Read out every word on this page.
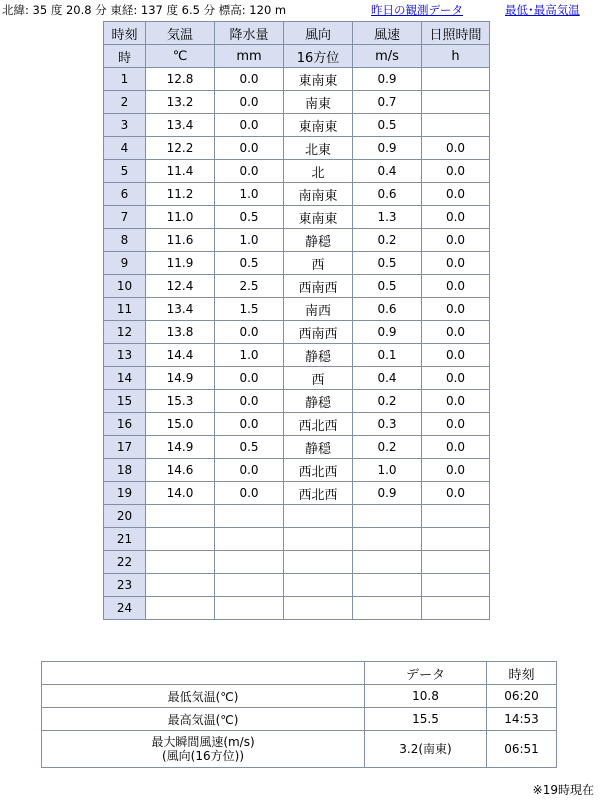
北緯: 35 度 20.8 分 東経: 137 度 6.5 分 標高: 120 m	昨日の観測データ	最低･最高気温
時刻	気温	降水量	風向	風速	日照時間
時	℃	mm	16方位	m/s	h
1	12.8	0.0	東南東	0.9	
2	13.2	0.0	南東	0.7	
3	13.4	0.0	東南東	0.5	
4	12.2	0.0	北東	0.9	0.0
5	11.4	0.0	北	0.4	0.0
6	11.2	1.0	南南東	0.6	0.0
7	11.0	0.5	東南東	1.3	0.0
8	11.6	1.0	静穏	0.2	0.0
9	11.9	0.5	西	0.5	0.0
10	12.4	2.5	西南西	0.5	0.0
11	13.4	1.5	南西	0.6	0.0
12	13.8	0.0	西南西	0.9	0.0
13	14.4	1.0	静穏	0.1	0.0
14	14.9	0.0	西	0.4	0.0
15	15.3	0.0	静穏	0.2	0.0
16	15.0	0.0	西北西	0.3	0.0
17	14.9	0.5	静穏	0.2	0.0
18	14.6	0.0	西北西	1.0	0.0
19	14.0	0.0	西北西	0.9	0.0
20					
21					
22					
23					
24					
	データ	時刻
最低気温(℃)	10.8	06:20
最高気温(℃)	15.5	14:53

最大瞬間風速(m/s)
(風向(16方位))	3.2(南東)	06:51
※19時現在
